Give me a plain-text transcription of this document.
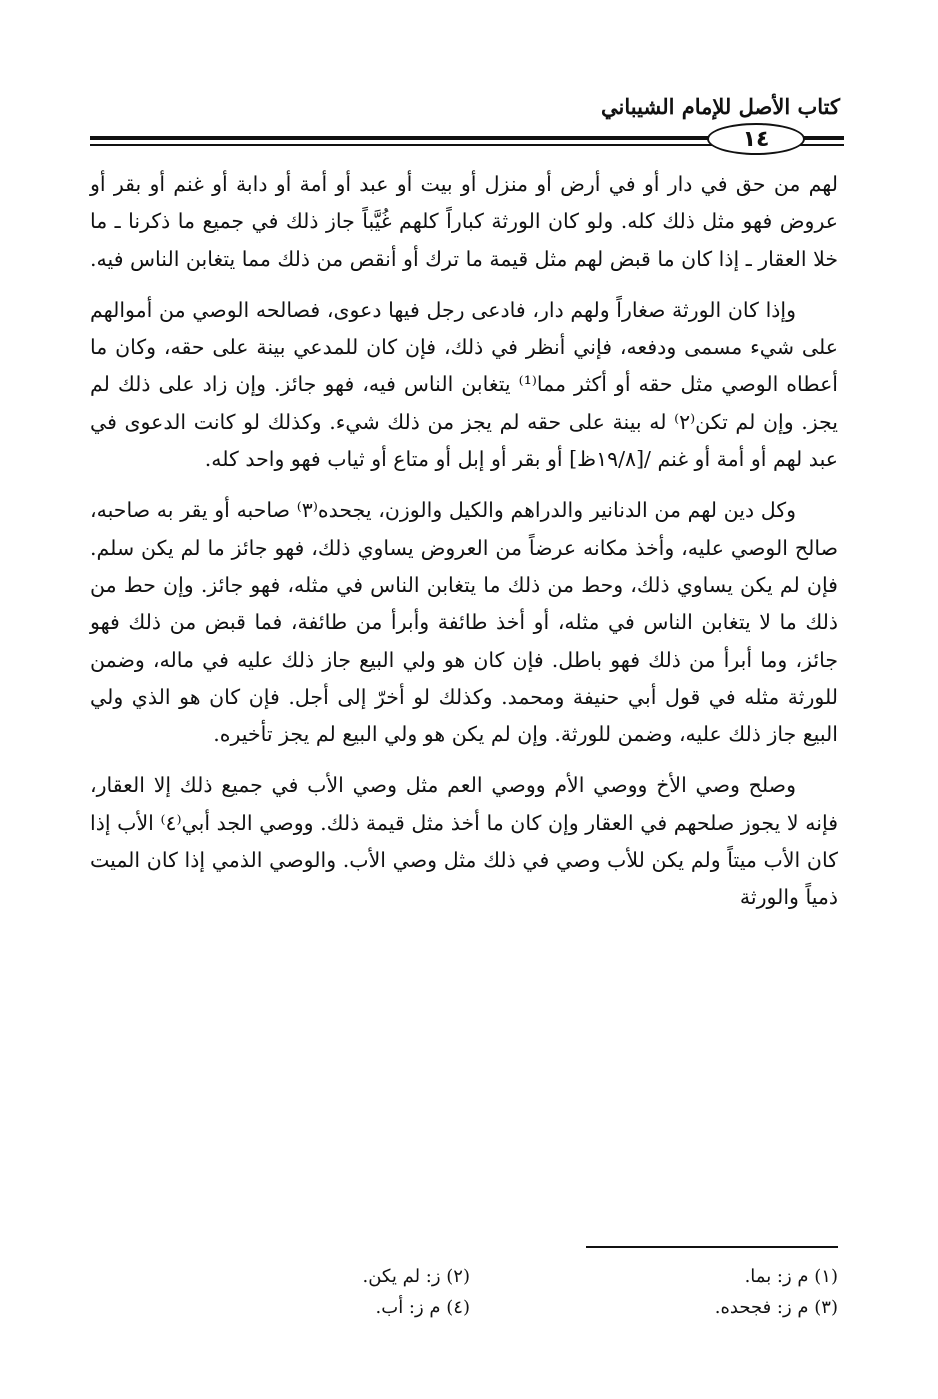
كتاب الأصل للإمام الشيباني
١٤

لهم من حق في دار أو في أرض أو منزل أو بيت أو عبد أو أمة أو دابة أو غنم أو بقر أو عروض فهو مثل ذلك كله. ولو كان الورثة كباراً كلهم غُيَّباً جاز ذلك في جميع ما ذكرنا ـ ما خلا العقار ـ إذا كان ما قبض لهم مثل قيمة ما ترك أو أنقص من ذلك مما يتغابن الناس فيه.

وإذا كان الورثة صغاراً ولهم دار، فادعى رجل فيها دعوى، فصالحه الوصي من أموالهم على شيء مسمى ودفعه، فإني أنظر في ذلك، فإن كان للمدعي بينة على حقه، وكان ما أعطاه الوصي مثل حقه أو أكثر مما⁽¹⁾ يتغابن الناس فيه، فهو جائز. وإن زاد على ذلك لم يجز. وإن لم تكن⁽٢⁾ له بينة على حقه لم يجز من ذلك شيء. وكذلك لو كانت الدعوى في عبد لهم أو أمة أو غنم /[١٩/٨ظ] أو بقر أو إبل أو متاع أو ثياب فهو واحد كله.

وكل دين لهم من الدنانير والدراهم والكيل والوزن، يجحده⁽٣⁾ صاحبه أو يقر به صاحبه، صالح الوصي عليه، وأخذ مكانه عرضاً من العروض يساوي ذلك، فهو جائز ما لم يكن سلم. فإن لم يكن يساوي ذلك، وحط من ذلك ما يتغابن الناس في مثله، فهو جائز. وإن حط من ذلك ما لا يتغابن الناس في مثله، أو أخذ طائفة وأبرأ من طائفة، فما قبض من ذلك فهو جائز، وما أبرأ من ذلك فهو باطل. فإن كان هو ولي البيع جاز ذلك عليه في ماله، وضمن للورثة مثله في قول أبي حنيفة ومحمد. وكذلك لو أخرّ إلى أجل. فإن كان هو الذي ولي البيع جاز ذلك عليه، وضمن للورثة. وإن لم يكن هو ولي البيع لم يجز تأخيره.

وصلح وصي الأخ ووصي الأم ووصي العم مثل وصي الأب في جميع ذلك إلا العقار، فإنه لا يجوز صلحهم في العقار وإن كان ما أخذ مثل قيمة ذلك. ووصي الجد أبي⁽٤⁾ الأب إذا كان الأب ميتاً ولم يكن للأب وصي في ذلك مثل وصي الأب. والوصي الذمي إذا كان الميت ذمياً والورثة

(١) م ز: بما.
(٢) ز: لم يكن.
(٣) م ز: فجحده.
(٤) م ز: أب.
